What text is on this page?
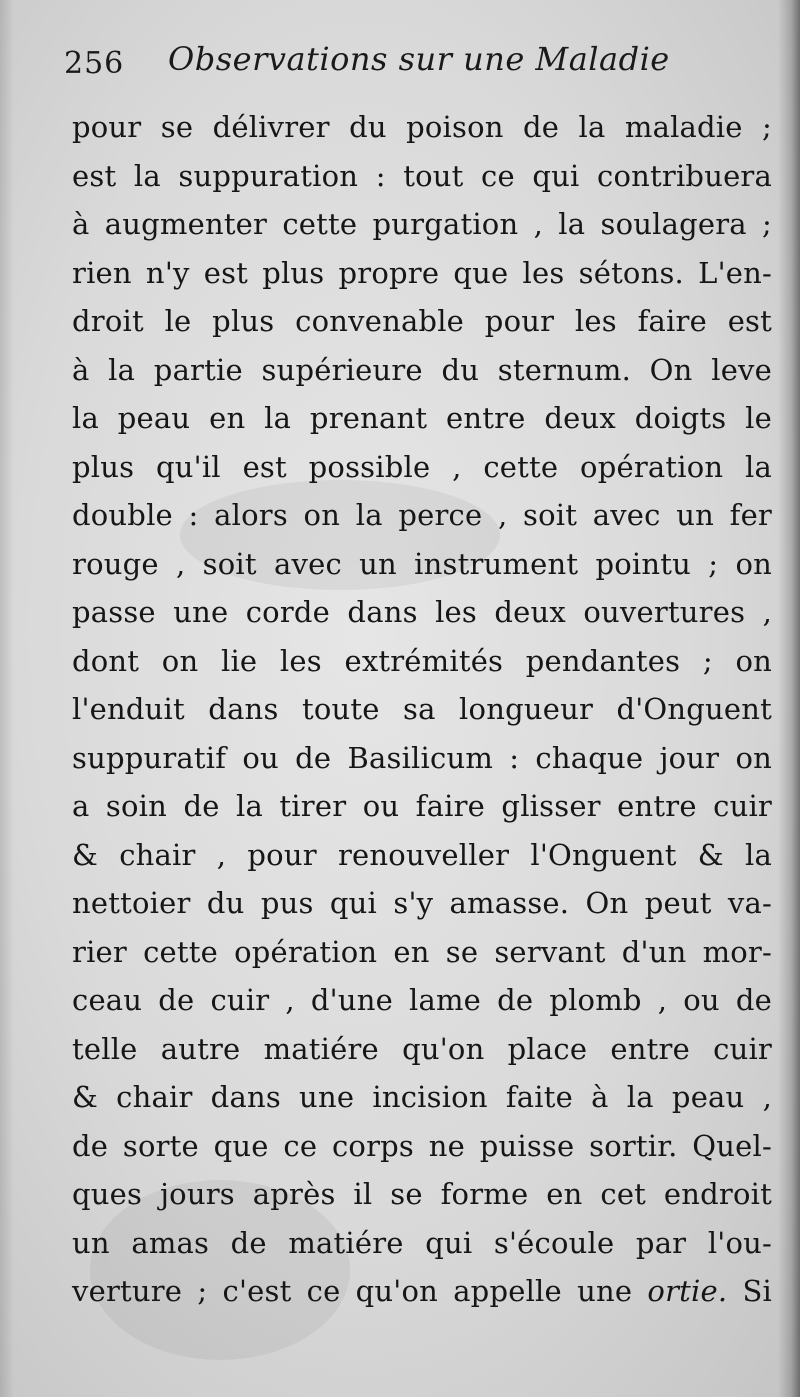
256 Observations sur une Maladie
pour se délivrer du poison de la maladie ;
est la suppuration : tout ce qui contribuera
à augmenter cette purgation , la soulagera ;
rien n'y est plus propre que les sétons. L'en-
droit le plus convenable pour les faire est
à la partie supérieure du sternum. On leve
la peau en la prenant entre deux doigts le
plus qu'il est possible , cette opération la
double : alors on la perce , soit avec un fer
rouge , soit avec un instrument pointu ; on
passe une corde dans les deux ouvertures ,
dont on lie les extrémités pendantes ; on
l'enduit dans toute sa longueur d'Onguent
suppuratif ou de Basilicum : chaque jour on
a soin de la tirer ou faire glisser entre cuir
& chair , pour renouveller l'Onguent & la
nettoier du pus qui s'y amasse. On peut va-
rier cette opération en se servant d'un mor-
ceau de cuir , d'une lame de plomb , ou de
telle autre matiére qu'on place entre cuir
& chair dans une incision faite à la peau ,
de sorte que ce corps ne puisse sortir. Quel-
ques jours après il se forme en cet endroit
un amas de matiére qui s'écoule par l'ou-
verture ; c'est ce qu'on appelle une ortie. Si
